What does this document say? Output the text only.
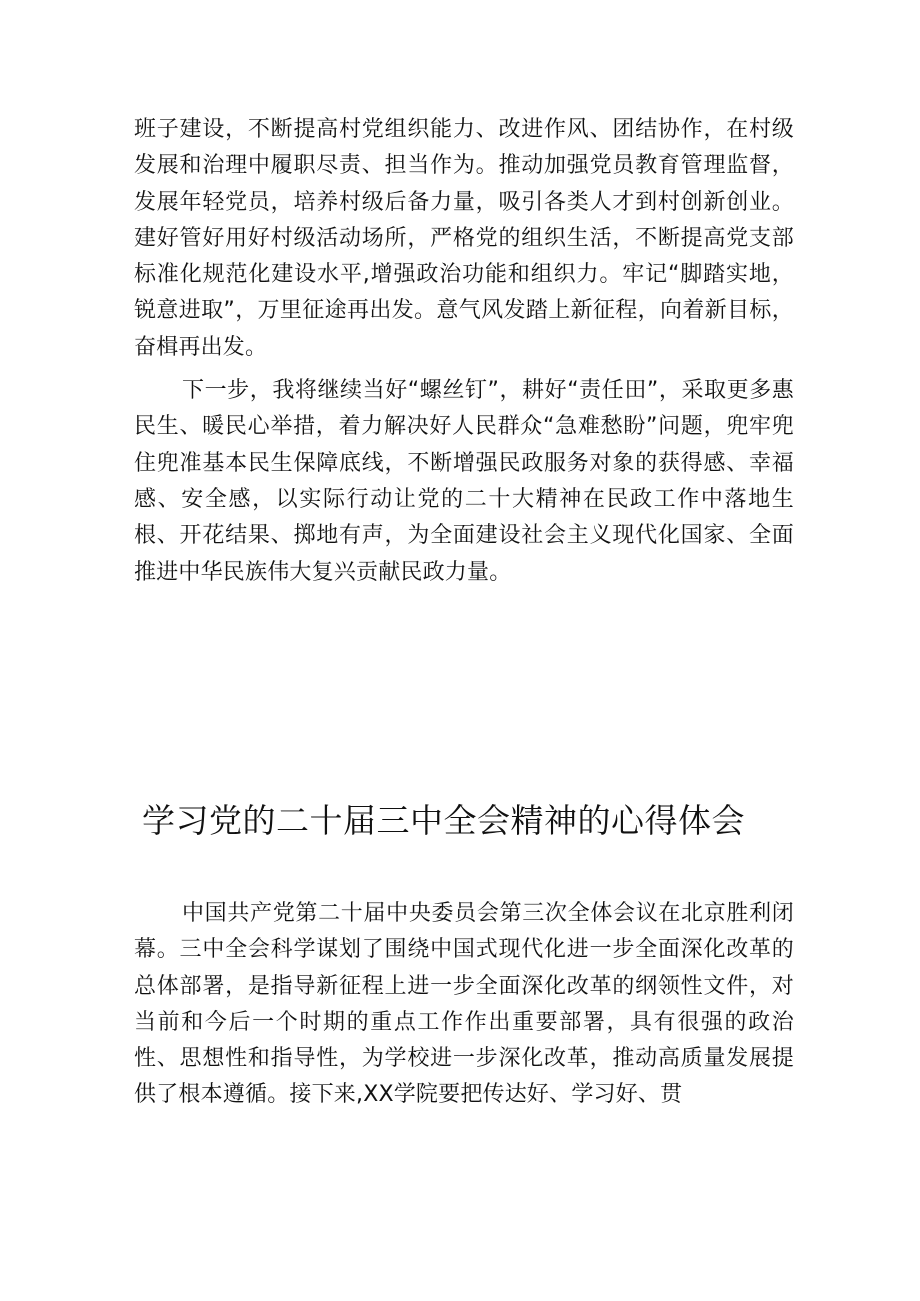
班子建设，不断提高村党组织能力、改进作风、团结协作，在村级发展和治理中履职尽责、担当作为。推动加强党员教育管理监督，发展年轻党员，培养村级后备力量，吸引各类人才到村创新创业。建好管好用好村级活动场所，严格党的组织生活，不断提高党支部标准化规范化建设水平,增强政治功能和组织力。牢记“脚踏实地，锐意进取”，万里征途再出发。意气风发踏上新征程，向着新目标，奋楫再出发。

下一步，我将继续当好“螺丝钉”，耕好“责任田”，采取更多惠民生、暖民心举措，着力解决好人民群众“急难愁盼”问题，兜牢兜住兜准基本民生保障底线，不断增强民政服务对象的获得感、幸福感、安全感，以实际行动让党的二十大精神在民政工作中落地生根、开花结果、掷地有声，为全面建设社会主义现代化国家、全面推进中华民族伟大复兴贡献民政力量。

学习党的二十届三中全会精神的心得体会

中国共产党第二十届中央委员会第三次全体会议在北京胜利闭幕。三中全会科学谋划了围绕中国式现代化进一步全面深化改革的总体部署，是指导新征程上进一步全面深化改革的纲领性文件，对当前和今后一个时期的重点工作作出重要部署，具有很强的政治性、思想性和指导性，为学校进一步深化改革，推动高质量发展提供了根本遵循。接下来,XX学院要把传达好、学习好、贯
